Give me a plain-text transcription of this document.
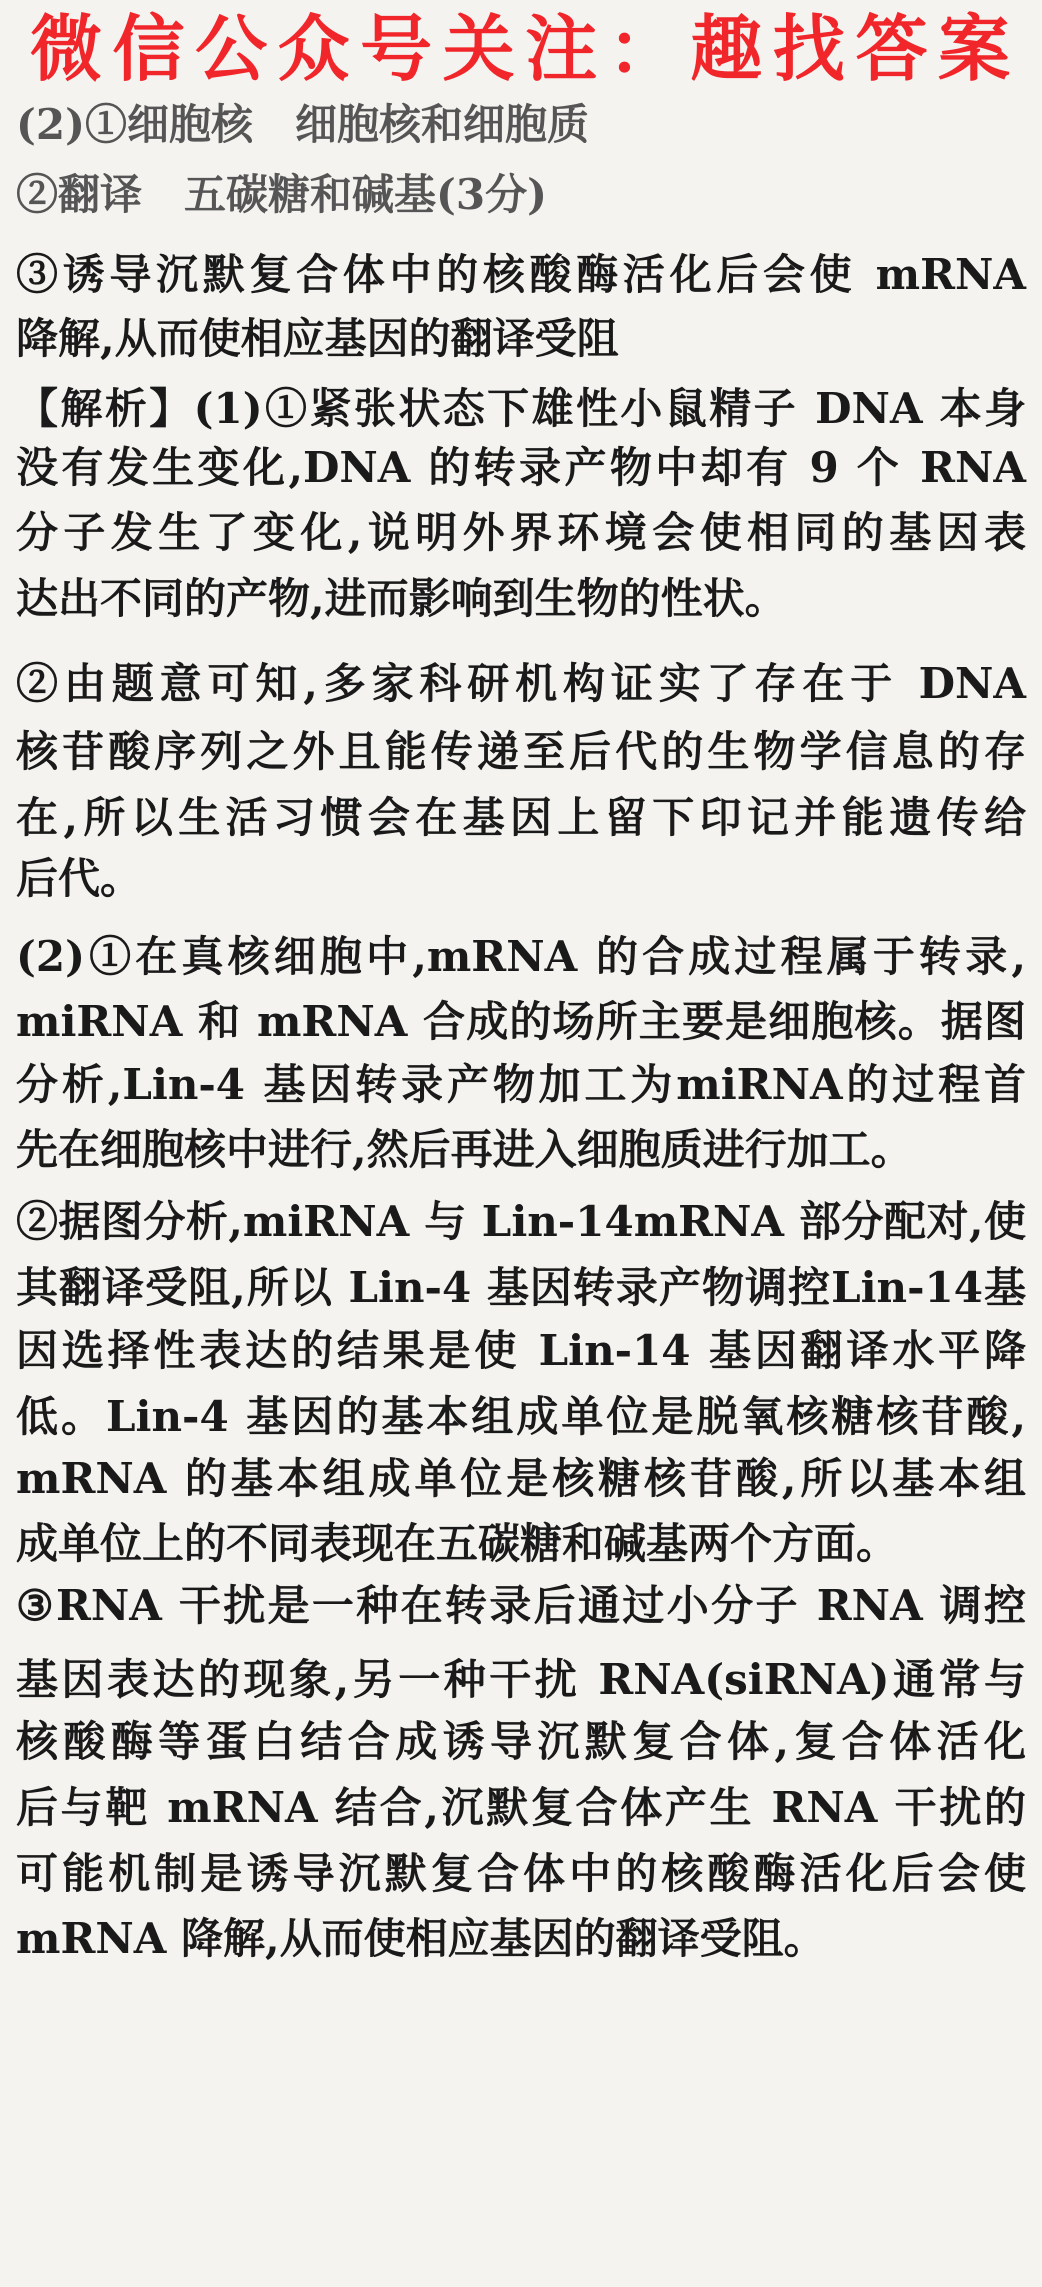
微信公众号关注：趣找答案
(2)①细胞核　细胞核和细胞质
②翻译　五碳糖和碱基(3分)
③诱导沉默复合体中的核酸酶活化后会使 mRNA
降解,从而使相应基因的翻译受阻
【解析】(1)①紧张状态下雄性小鼠精子 DNA 本身
没有发生变化,DNA 的转录产物中却有 9 个 RNA
分子发生了变化,说明外界环境会使相同的基因表
达出不同的产物,进而影响到生物的性状。
②由题意可知,多家科研机构证实了存在于 DNA
核苷酸序列之外且能传递至后代的生物学信息的存
在,所以生活习惯会在基因上留下印记并能遗传给
后代。
(2)①在真核细胞中,mRNA 的合成过程属于转录,
miRNA 和 mRNA 合成的场所主要是细胞核。据图
分析,Lin-4 基因转录产物加工为miRNA的过程首
先在细胞核中进行,然后再进入细胞质进行加工。
②据图分析,miRNA 与 Lin-14mRNA 部分配对,使
其翻译受阻,所以 Lin-4 基因转录产物调控Lin-14基
因选择性表达的结果是使 Lin-14 基因翻译水平降
低。Lin-4 基因的基本组成单位是脱氧核糖核苷酸,
mRNA 的基本组成单位是核糖核苷酸,所以基本组
成单位上的不同表现在五碳糖和碱基两个方面。
③RNA 干扰是一种在转录后通过小分子 RNA 调控
基因表达的现象,另一种干扰 RNA(siRNA)通常与
核酸酶等蛋白结合成诱导沉默复合体,复合体活化
后与靶 mRNA 结合,沉默复合体产生 RNA 干扰的
可能机制是诱导沉默复合体中的核酸酶活化后会使
mRNA 降解,从而使相应基因的翻译受阻。
